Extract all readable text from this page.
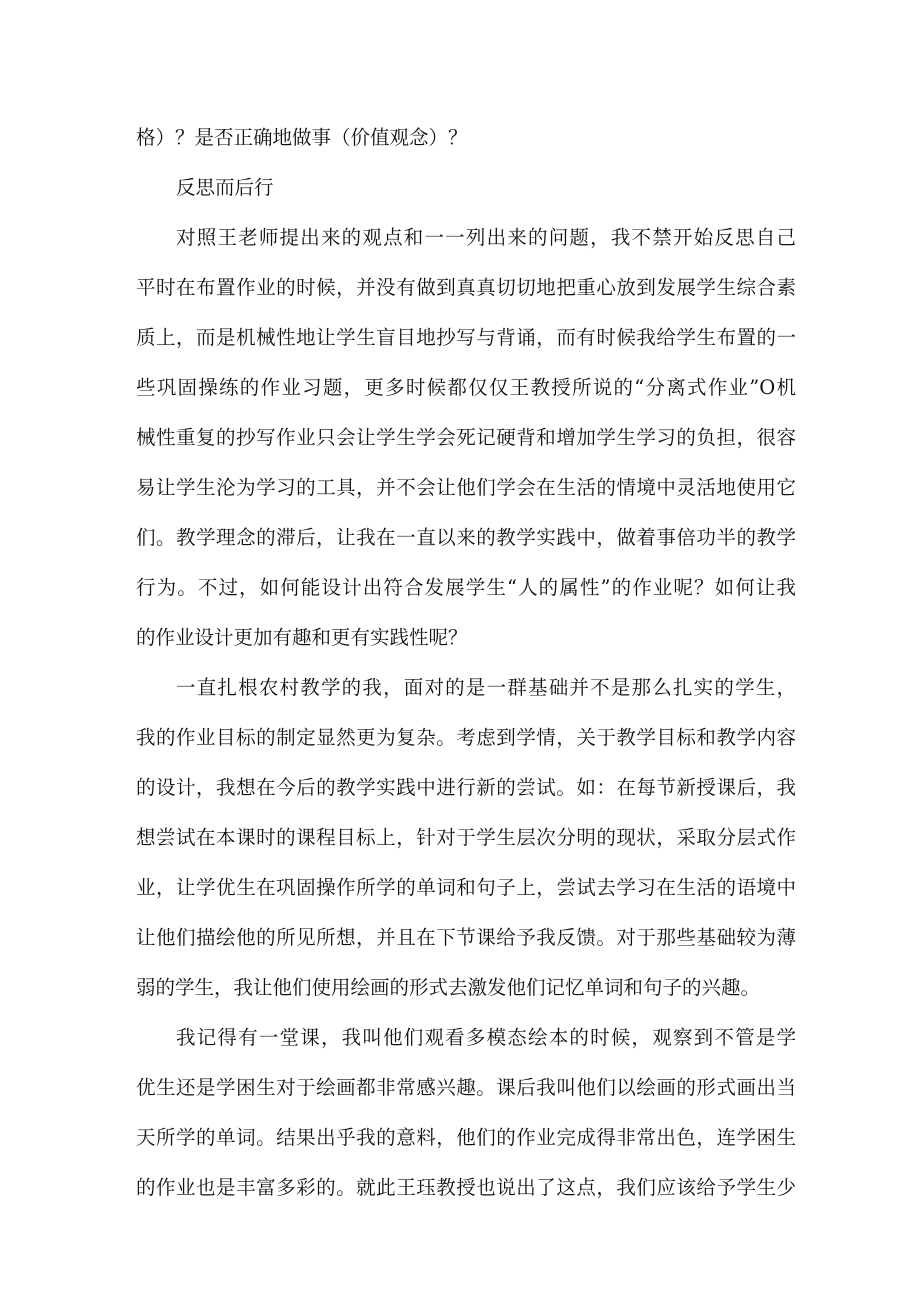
格）？是否正确地做事（价值观念）？
反思而后行
对照王老师提出来的观点和一一列出来的问题，我不禁开始反思自己
平时在布置作业的时候，并没有做到真真切切地把重心放到发展学生综合素
质上，而是机械性地让学生盲目地抄写与背诵，而有时候我给学生布置的一
些巩固操练的作业习题，更多时候都仅仅王教授所说的“分离式作业”O机
械性重复的抄写作业只会让学生学会死记硬背和增加学生学习的负担，很容
易让学生沦为学习的工具，并不会让他们学会在生活的情境中灵活地使用它
们。教学理念的滞后，让我在一直以来的教学实践中，做着事倍功半的教学
行为。不过，如何能设计出符合发展学生“人的属性”的作业呢？如何让我
的作业设计更加有趣和更有实践性呢？
一直扎根农村教学的我，面对的是一群基础并不是那么扎实的学生，
我的作业目标的制定显然更为复杂。考虑到学情，关于教学目标和教学内容
的设计，我想在今后的教学实践中进行新的尝试。如：在每节新授课后，我
想尝试在本课时的课程目标上，针对于学生层次分明的现状，采取分层式作
业，让学优生在巩固操作所学的单词和句子上，尝试去学习在生活的语境中
让他们描绘他的所见所想，并且在下节课给予我反馈。对于那些基础较为薄
弱的学生，我让他们使用绘画的形式去激发他们记忆单词和句子的兴趣。
我记得有一堂课，我叫他们观看多模态绘本的时候，观察到不管是学
优生还是学困生对于绘画都非常感兴趣。课后我叫他们以绘画的形式画出当
天所学的单词。结果出乎我的意料，他们的作业完成得非常出色，连学困生
的作业也是丰富多彩的。就此王珏教授也说出了这点，我们应该给予学生少
